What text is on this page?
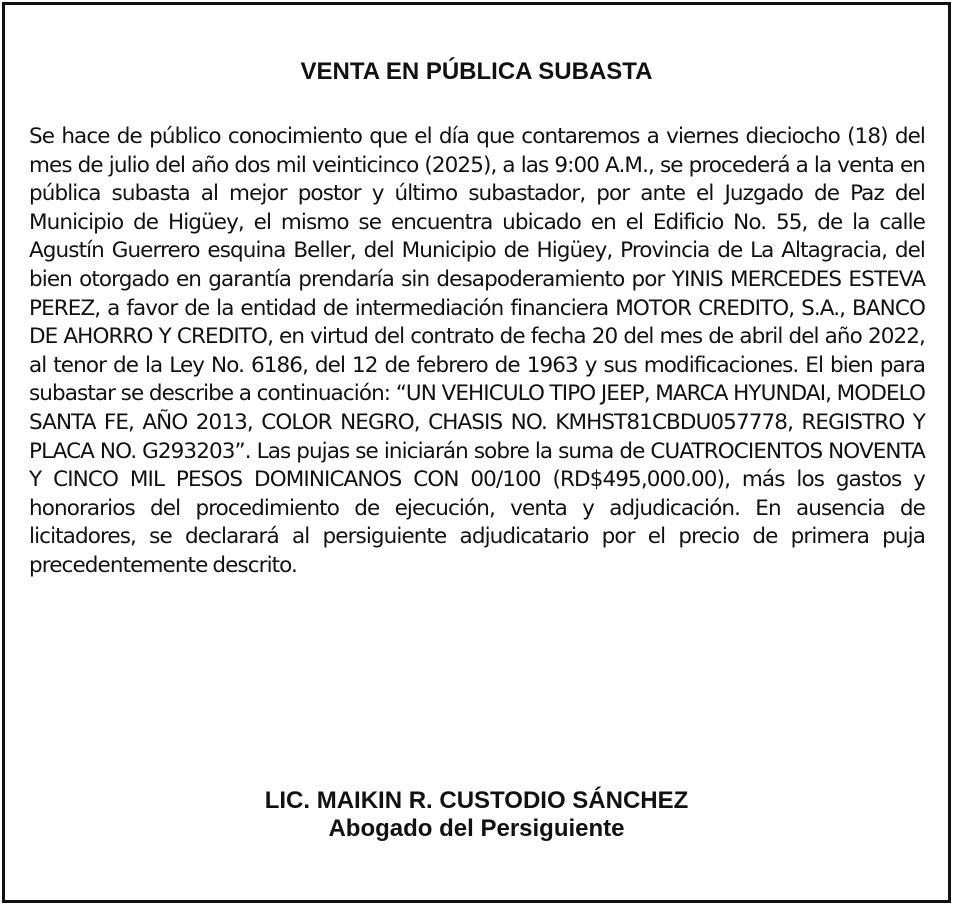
VENTA EN PÚBLICA SUBASTA

Se hace de público conocimiento que el día que contaremos a viernes dieciocho (18) del mes de julio del año dos mil veinticinco (2025), a las 9:00 A.M., se procederá a la venta en pública subasta al mejor postor y último subastador, por ante el Juzgado de Paz del Municipio de Higüey, el mismo se encuentra ubicado en el Edificio No. 55, de la calle Agustín Guerrero esquina Beller, del Municipio de Higüey, Provincia de La Altagracia, del bien otorgado en garantía prendaría sin desapoderamiento por YINIS MERCEDES ESTEVA PEREZ, a favor de la entidad de intermediación financiera MOTOR CREDITO, S.A., BANCO DE AHORRO Y CREDITO, en virtud del contrato de fecha 20 del mes de abril del año 2022, al tenor de la Ley No. 6186, del 12 de febrero de 1963 y sus modificaciones. El bien para subastar se describe a continuación: “UN VEHICULO TIPO JEEP, MARCA HYUNDAI, MODELO SANTA FE, AÑO 2013, COLOR NEGRO, CHASIS NO. KMHST81CBDU057778, REGISTRO Y PLACA NO. G293203”. Las pujas se iniciarán sobre la suma de CUATROCIENTOS NOVENTA Y CINCO MIL PESOS DOMINICANOS CON 00/100 (RD$495,000.00), más los gastos y honorarios del procedimiento de ejecución, venta y adjudicación. En ausencia de licitadores, se declarará al persiguiente adjudicatario por el precio de primera puja precedentemente descrito.

LIC. MAIKIN R. CUSTODIO SÁNCHEZ
Abogado del Persiguiente
